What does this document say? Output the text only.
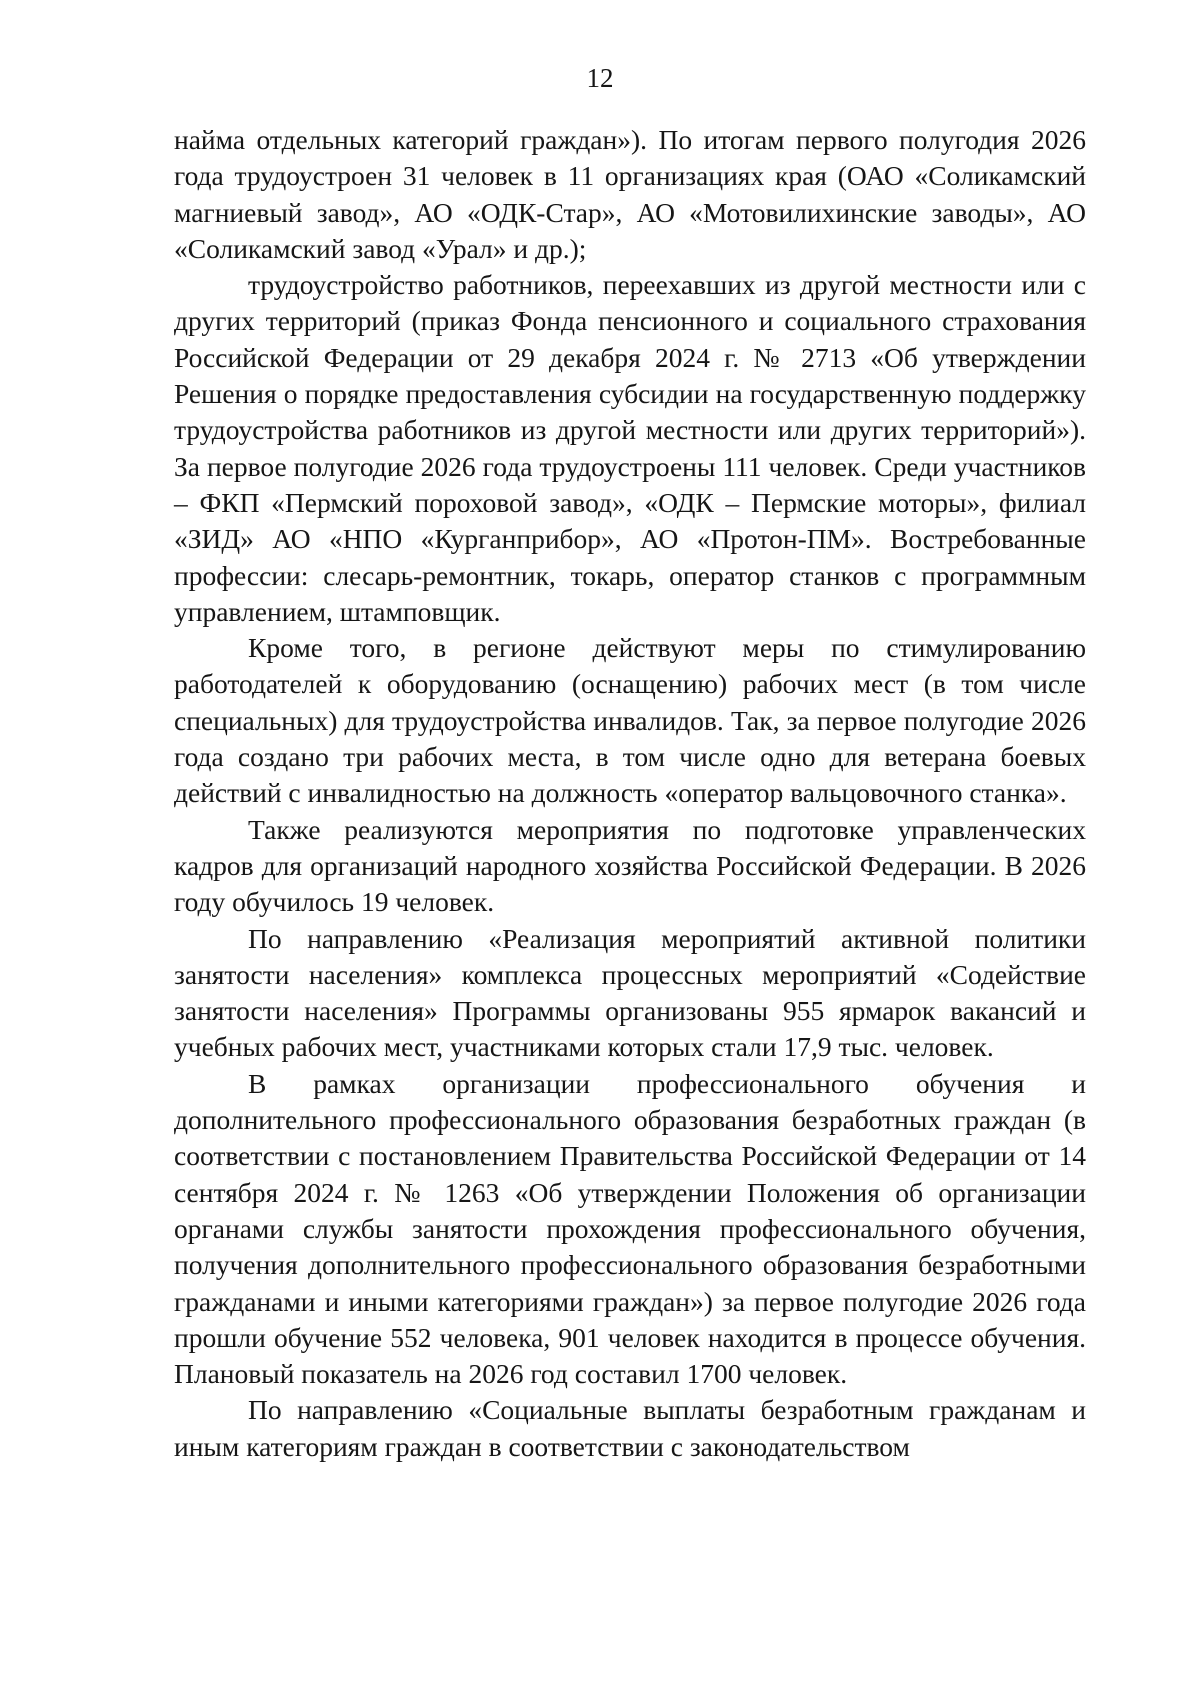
12

найма отдельных категорий граждан»). По итогам первого полугодия 2026 года трудоустроен 31 человек в 11 организациях края (ОАО «Соликамский магниевый завод», АО «ОДК-Стар», АО «Мотовилихинские заводы», АО «Соликамский завод «Урал» и др.);

трудоустройство работников, переехавших из другой местности или с других территорий (приказ Фонда пенсионного и социального страхования Российской Федерации от 29 декабря 2024 г. № 2713 «Об утверждении Решения о порядке предоставления субсидии на государственную поддержку трудоустройства работников из другой местности или других территорий»). За первое полугодие 2026 года трудоустроены 111 человек. Среди участников – ФКП «Пермский пороховой завод», «ОДК – Пермские моторы», филиал «ЗИД» АО «НПО «Курганприбор», АО «Протон-ПМ». Востребованные профессии: слесарь-ремонтник, токарь, оператор станков с программным управлением, штамповщик.

Кроме того, в регионе действуют меры по стимулированию работодателей к оборудованию (оснащению) рабочих мест (в том числе специальных) для трудоустройства инвалидов. Так, за первое полугодие 2026 года создано три рабочих места, в том числе одно для ветерана боевых действий с инвалидностью на должность «оператор вальцовочного станка».

Также реализуются мероприятия по подготовке управленческих кадров для организаций народного хозяйства Российской Федерации. В 2026 году обучилось 19 человек.

По направлению «Реализация мероприятий активной политики занятости населения» комплекса процессных мероприятий «Содействие занятости населения» Программы организованы 955 ярмарок вакансий и учебных рабочих мест, участниками которых стали 17,9 тыс. человек.

В рамках организации профессионального обучения и дополнительного профессионального образования безработных граждан (в соответствии с постановлением Правительства Российской Федерации от 14 сентября 2024 г. № 1263 «Об утверждении Положения об организации органами службы занятости прохождения профессионального обучения, получения дополнительного профессионального образования безработными гражданами и иными категориями граждан») за первое полугодие 2026 года прошли обучение 552 человека, 901 человек находится в процессе обучения. Плановый показатель на 2026 год составил 1700 человек.

По направлению «Социальные выплаты безработным гражданам и иным категориям граждан в соответствии с законодательством
